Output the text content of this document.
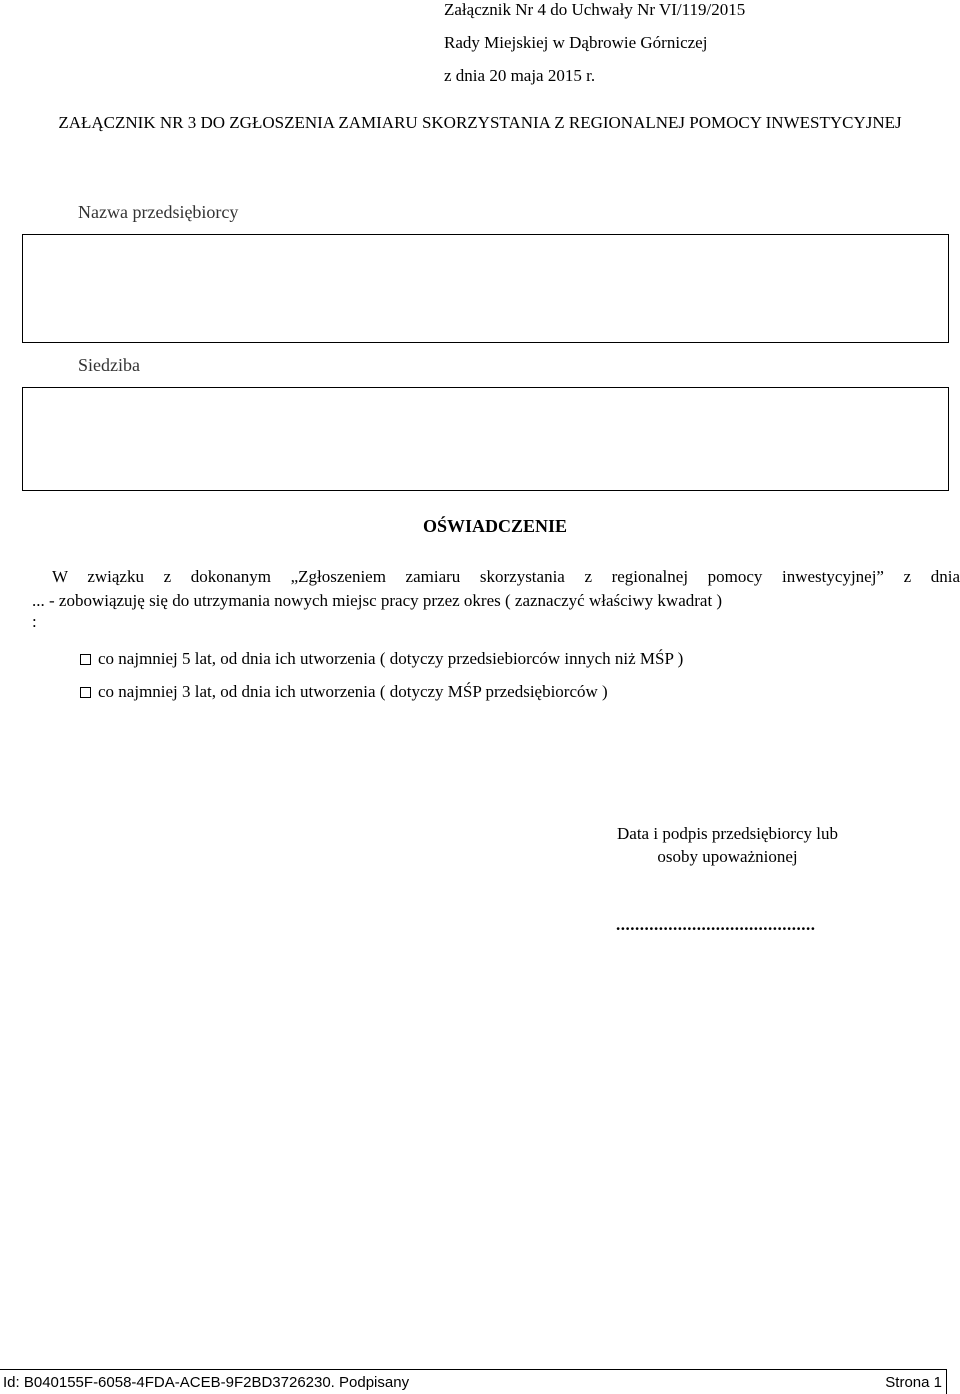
Załącznik Nr 4 do Uchwały Nr VI/119/2015
Rady Miejskiej w Dąbrowie Górniczej
z dnia 20 maja 2015 r.
ZAŁĄCZNIK NR 3 DO ZGŁOSZENIA ZAMIARU SKORZYSTANIA Z REGIONALNEJ POMOCY INWESTYCYJNEJ
Nazwa przedsiębiorcy
Siedziba
OŚWIADCZENIE
W związku z dokonanym „Zgłoszeniem zamiaru skorzystania z regionalnej pomocy inwestycyjnej” z dnia
... - zobowiązuję się do utrzymania nowych miejsc pracy przez okres ( zaznaczyć właściwy kwadrat )
:
co najmniej 5 lat, od dnia ich utworzenia ( dotyczy przedsiebiorców innych niż MŚP )
co najmniej 3 lat, od dnia ich utworzenia ( dotyczy MŚP przedsiębiorców )
Data i podpis przedsiębiorcy lub osoby upoważnionej
..........................................
Id: B040155F-6058-4FDA-ACEB-9F2BD3726230. Podpisany	Strona 1
